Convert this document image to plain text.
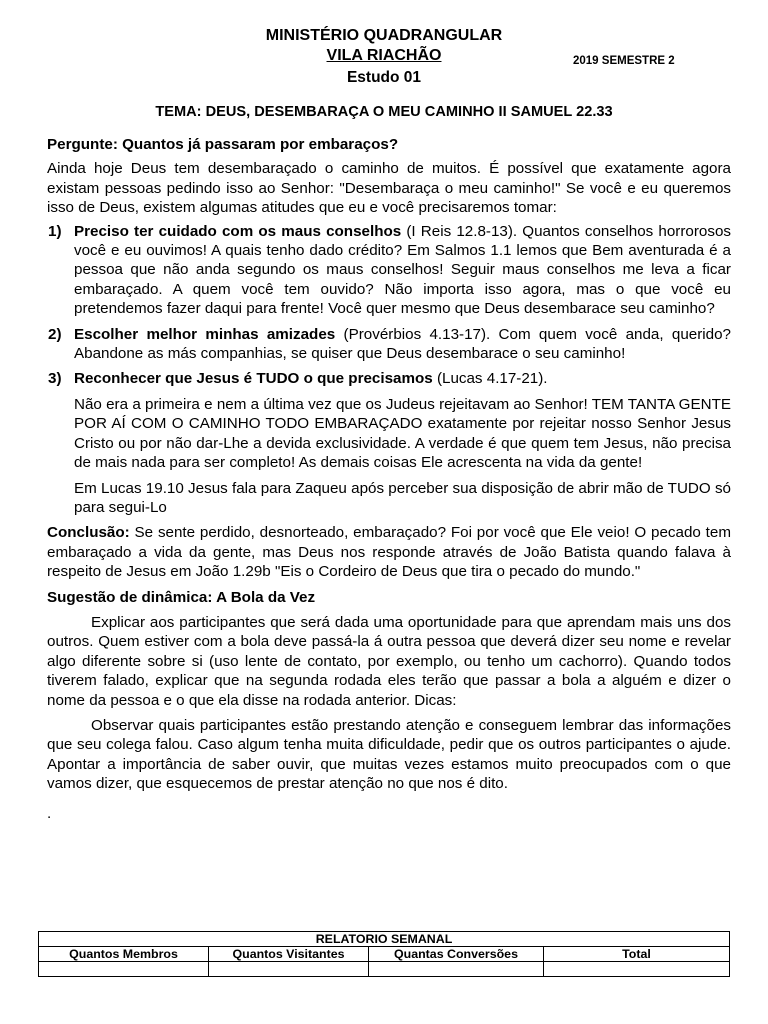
MINISTÉRIO QUADRANGULAR
VILA RIACHÃO
Estudo 01
2019 SEMESTRE 2
TEMA: DEUS, DESEMBARAÇA O MEU CAMINHO II SAMUEL 22.33

Pergunte: Quantos já passaram por embaraços?

Ainda hoje Deus tem desembaraçado o caminho de muitos. É possível que exatamente agora existam pessoas pedindo isso ao Senhor: "Desembaraça o meu caminho!" Se você e eu queremos isso de Deus, existem algumas atitudes que eu e você precisaremos tomar:

1) Preciso ter cuidado com os maus conselhos (I Reis 12.8-13). Quantos conselhos horrorosos você e eu ouvimos! A quais tenho dado crédito? Em Salmos 1.1 lemos que Bem aventurada é a pessoa que não anda segundo os maus conselhos! Seguir maus conselhos me leva a ficar embaraçado. A quem você tem ouvido? Não importa isso agora, mas o que você eu pretendemos fazer daqui para frente! Você quer mesmo que Deus desembarace seu caminho?
2) Escolher melhor minhas amizades (Provérbios 4.13-17). Com quem você anda, querido? Abandone as más companhias, se quiser que Deus desembarace o seu caminho!
3) Reconhecer que Jesus é TUDO o que precisamos (Lucas 4.17-21).

Não era a primeira e nem a última vez que os Judeus rejeitavam ao Senhor! TEM TANTA GENTE POR AÍ COM O CAMINHO TODO EMBARAÇADO exatamente por rejeitar nosso Senhor Jesus Cristo ou por não dar-Lhe a devida exclusividade. A verdade é que quem tem Jesus, não precisa de mais nada para ser completo! As demais coisas Ele acrescenta na vida da gente!

Em Lucas 19.10 Jesus fala para Zaqueu após perceber sua disposição de abrir mão de TUDO só para segui-Lo

Conclusão: Se sente perdido, desnorteado, embaraçado? Foi por você que Ele veio! O pecado tem embaraçado a vida da gente, mas Deus nos responde através de João Batista quando falava à respeito de Jesus em João 1.29b "Eis o Cordeiro de Deus que tira o pecado do mundo."

Sugestão de dinâmica: A Bola da Vez

Explicar aos participantes que será dada uma oportunidade para que aprendam mais uns dos outros. Quem estiver com a bola deve passá-la á outra pessoa que deverá dizer seu nome e revelar algo diferente sobre si (uso lente de contato, por exemplo, ou tenho um cachorro). Quando todos tiverem falado, explicar que na segunda rodada eles terão que passar a bola a alguém e dizer o nome da pessoa e o que ela disse na rodada anterior. Dicas:

Observar quais participantes estão prestando atenção e conseguem lembrar das informações que seu colega falou. Caso algum tenha muita dificuldade, pedir que os outros participantes o ajude. Apontar a importância de saber ouvir, que muitas vezes estamos muito preocupados com o que vamos dizer, que esquecemos de prestar atenção no que nos é dito.

.

RELATORIO SEMANAL			
Quantos Membros	Quantos Visitantes	Quantas Conversões	Total
